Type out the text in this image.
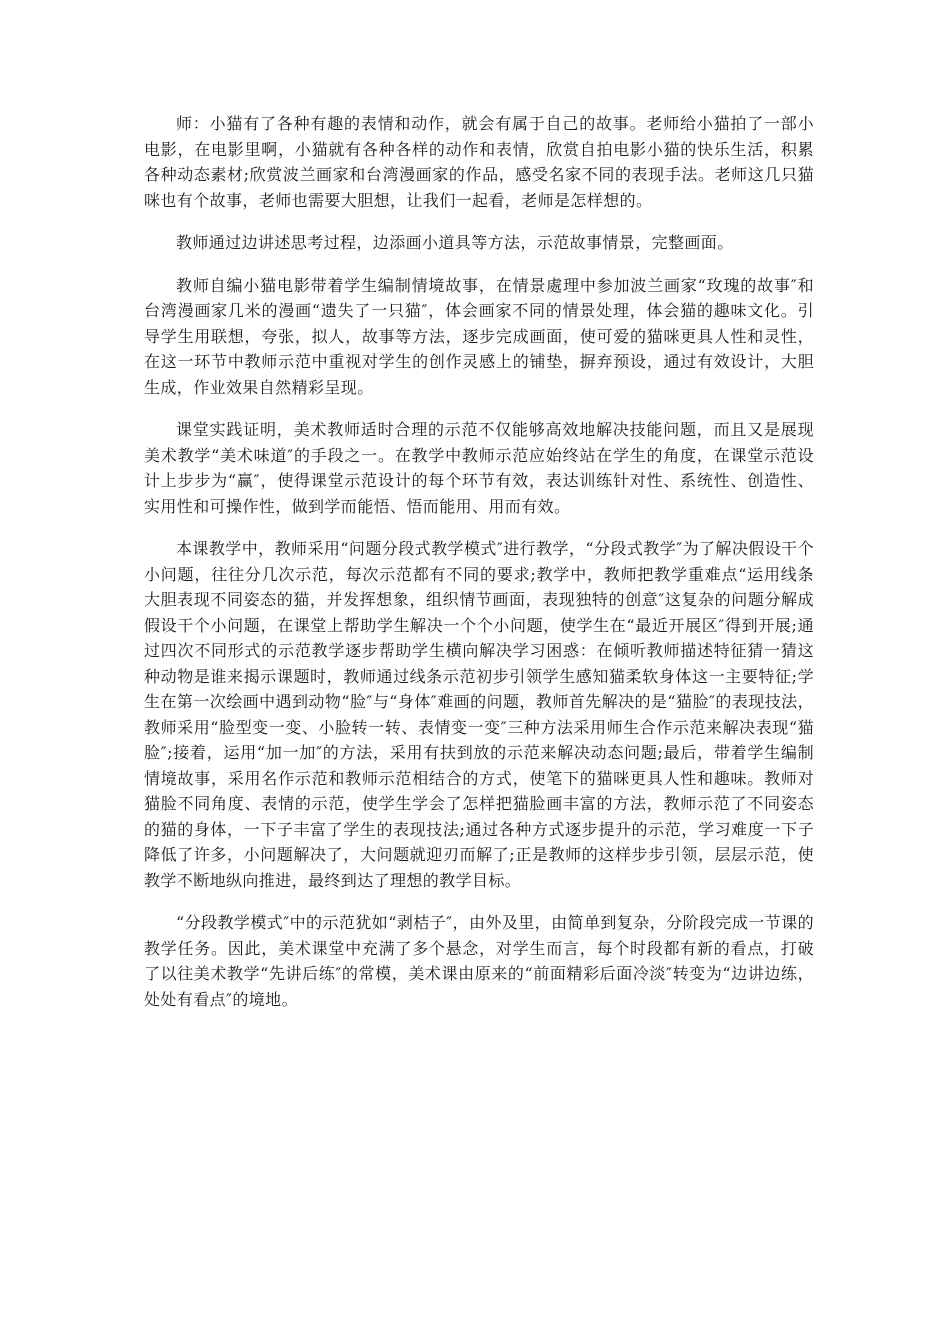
师：小猫有了各种有趣的表情和动作，就会有属于自己的故事。老师给小猫拍了一部小电影，在电影里啊，小猫就有各种各样的动作和表情，欣赏自拍电影小猫的快乐生活，积累各种动态素材;欣赏波兰画家和台湾漫画家的作品，感受名家不同的表现手法。老师这几只猫咪也有个故事，老师也需要大胆想，让我们一起看，老师是怎样想的。

教师通过边讲述思考过程，边添画小道具等方法，示范故事情景，完整画面。

教师自编小猫电影带着学生编制情境故事，在情景處理中参加波兰画家“玫瑰的故事″和台湾漫画家几米的漫画“遗失了一只猫″，体会画家不同的情景处理，体会猫的趣味文化。引导学生用联想，夸张，拟人，故事等方法，逐步完成画面，使可爱的猫咪更具人性和灵性，在这一环节中教师示范中重视对学生的创作灵感上的铺垫，摒弃预设，通过有效设计，大胆生成，作业效果自然精彩呈现。

课堂实践证明，美术教师适时合理的示范不仅能够高效地解决技能问题，而且又是展现美术教学“美术味道″的手段之一。在教学中教师示范应始终站在学生的角度，在课堂示范设计上步步为“赢″，使得课堂示范设计的每个环节有效，表达训练针对性、系统性、创造性、实用性和可操作性，做到学而能悟、悟而能用、用而有效。

本课教学中，教师采用“问题分段式教学模式″进行教学，“分段式教学″为了解决假设干个小问题，往往分几次示范，每次示范都有不同的要求;教学中，教师把教学重难点“运用线条大胆表现不同姿态的猫，并发挥想象，组织情节画面，表现独特的创意″这复杂的问题分解成假设干个小问题，在课堂上帮助学生解决一个个小问题，使学生在“最近开展区″得到开展;通过四次不同形式的示范教学逐步帮助学生横向解决学习困惑：在倾听教师描述特征猜一猜这种动物是谁来揭示课题时，教师通过线条示范初步引领学生感知猫柔软身体这一主要特征;学生在第一次绘画中遇到动物“脸″与“身体″难画的问题，教师首先解决的是“猫脸″的表现技法，教师采用“脸型变一变、小脸转一转、表情变一变″三种方法采用师生合作示范来解决表现“猫脸″;接着，运用“加一加″的方法，采用有扶到放的示范来解决动态问题;最后，带着学生编制情境故事，采用名作示范和教师示范相结合的方式，使笔下的猫咪更具人性和趣味。教师对猫脸不同角度、表情的示范，使学生学会了怎样把猫脸画丰富的方法，教师示范了不同姿态的猫的身体，一下子丰富了学生的表现技法;通过各种方式逐步提升的示范，学习难度一下子降低了许多，小问题解决了，大问题就迎刃而解了;正是教师的这样步步引领，层层示范，使教学不断地纵向推进，最终到达了理想的教学目标。

“分段教学模式″中的示范犹如“剥桔子″，由外及里，由简单到复杂，分阶段完成一节课的教学任务。因此，美术课堂中充满了多个悬念，对学生而言，每个时段都有新的看点，打破了以往美术教学“先讲后练″的常模，美术课由原来的“前面精彩后面冷淡″转变为“边讲边练，处处有看点″的境地。
